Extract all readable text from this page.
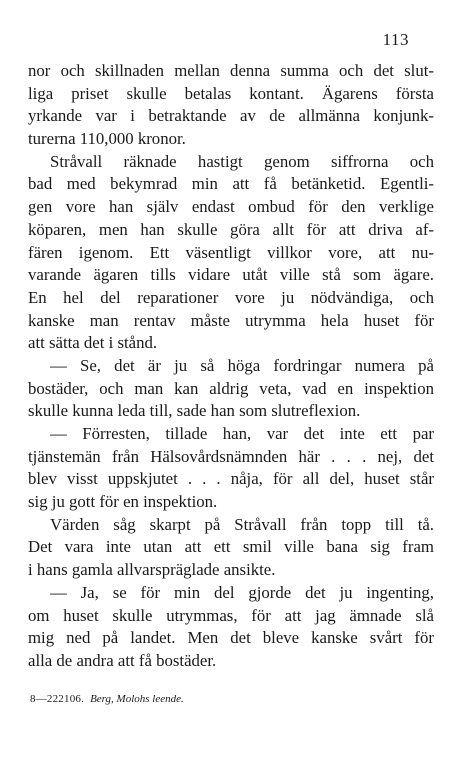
113
nor och skillnaden mellan denna summa och det slut-
liga priset skulle betalas kontant. Ägarens första
yrkande var i betraktande av de allmänna konjunk-
turerna 110,000 kronor.
Stråvall räknade hastigt genom siffrorna och
bad med bekymrad min att få betänketid. Egentli-
gen vore han själv endast ombud för den verklige
köparen, men han skulle göra allt för att driva af-
fären igenom. Ett väsentligt villkor vore, att nu-
varande ägaren tills vidare utåt ville stå som ägare.
En hel del reparationer vore ju nödvändiga, och
kanske man rentav måste utrymma hela huset för
att sätta det i stånd.
— Se, det är ju så höga fordringar numera på
bostäder, och man kan aldrig veta, vad en inspektion
skulle kunna leda till, sade han som slutreflexion.
— Förresten, tillade han, var det inte ett par
tjänstemän från Hälsovårdsnämnden här . . . nej, det
blev visst uppskjutet . . . nåja, för all del, huset står
sig ju gott för en inspektion.
Värden såg skarpt på Stråvall från topp till tå.
Det vara inte utan att ett smil ville bana sig fram
i hans gamla allvarspräglade ansikte.
— Ja, se för min del gjorde det ju ingenting,
om huset skulle utrymmas, för att jag ämnade slå
mig ned på landet. Men det bleve kanske svårt för
alla de andra att få bostäder.
8—222106. Berg, Molohs leende.
